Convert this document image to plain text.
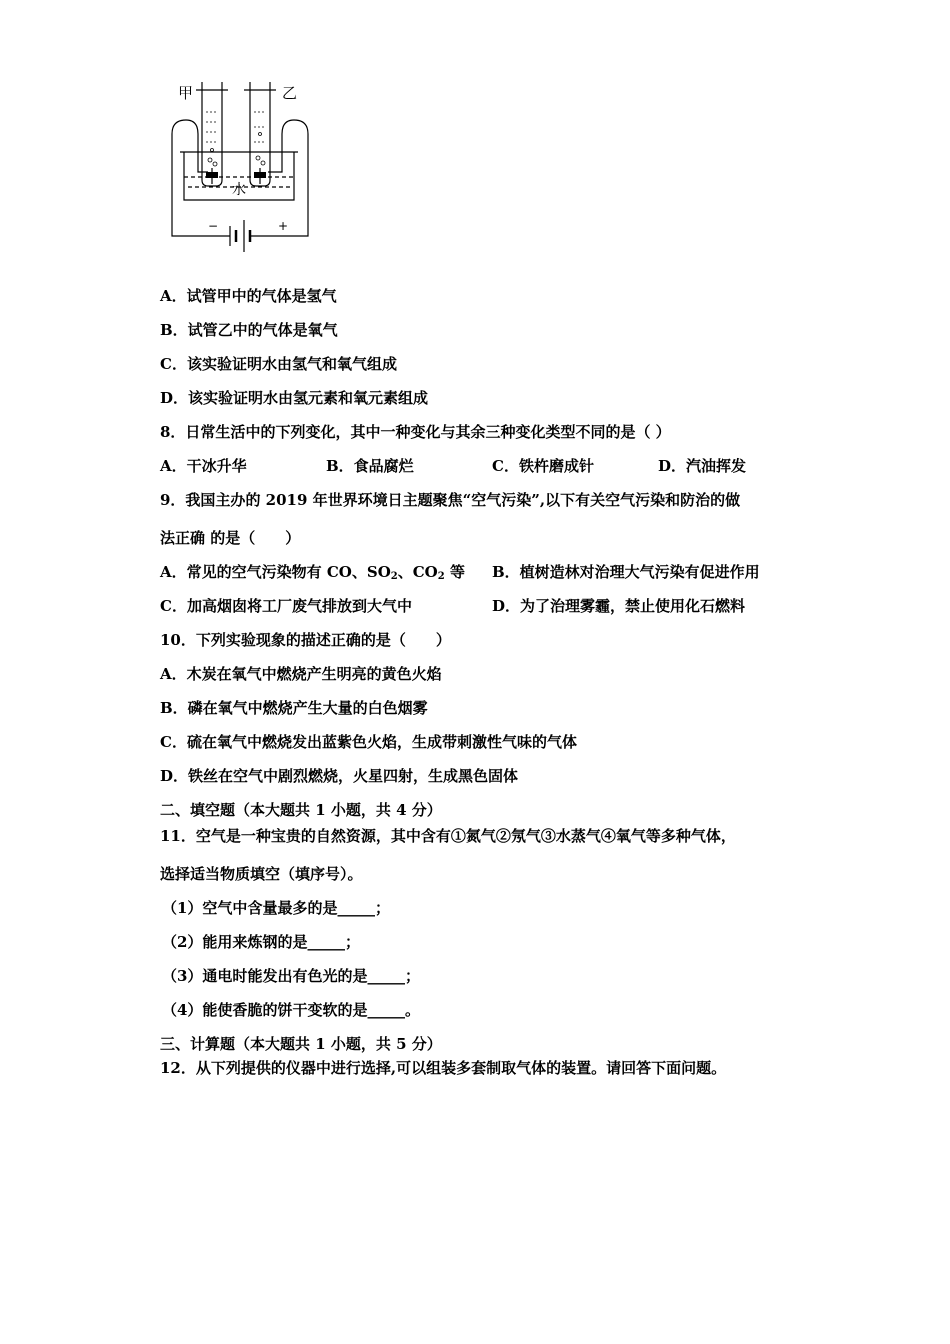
甲	乙
水
−	+
A．试管甲中的气体是氢气
B．试管乙中的气体是氧气
C．该实验证明水由氢气和氧气组成
D．该实验证明水由氢元素和氧元素组成
8．日常生活中的下列变化，其中一种变化与其余三种变化类型不同的是（ ）
A．干冰升华	B．食品腐烂	C．铁杵磨成针	D．汽油挥发
9．我国主办的 2019 年世界环境日主题聚焦“空气污染”,以下有关空气污染和防治的做
法正确 的是（　　）
A．常见的空气污染物有 CO、$SO_2$、$CO_2$ 等 B．植树造林对治理大气污染有促进作用
C．加高烟囱将工厂废气排放到大气中	D．为了治理雾霾，禁止使用化石燃料
10．下列实验现象的描述正确的是（　　）
A．木炭在氧气中燃烧产生明亮的黄色火焰
B．磷在氧气中燃烧产生大量的白色烟雾
C．硫在氧气中燃烧发出蓝紫色火焰，生成带刺激性气味的气体
D．铁丝在空气中剧烈燃烧，火星四射，生成黑色固体
二、填空题（本大题共 1 小题，共 4 分）
11．空气是一种宝贵的自然资源，其中含有①氮气②氖气③水蒸气④氧气等多种气体，
选择适当物质填空（填序号）。
（1）空气中含量最多的是_____；
（2）能用来炼钢的是_____；
（3）通电时能发出有色光的是_____；
（4）能使香脆的饼干变软的是_____。
三、计算题（本大题共 1 小题，共 5 分）
12．从下列提供的仪器中进行选择,可以组装多套制取气体的装置。请回答下面问题。
